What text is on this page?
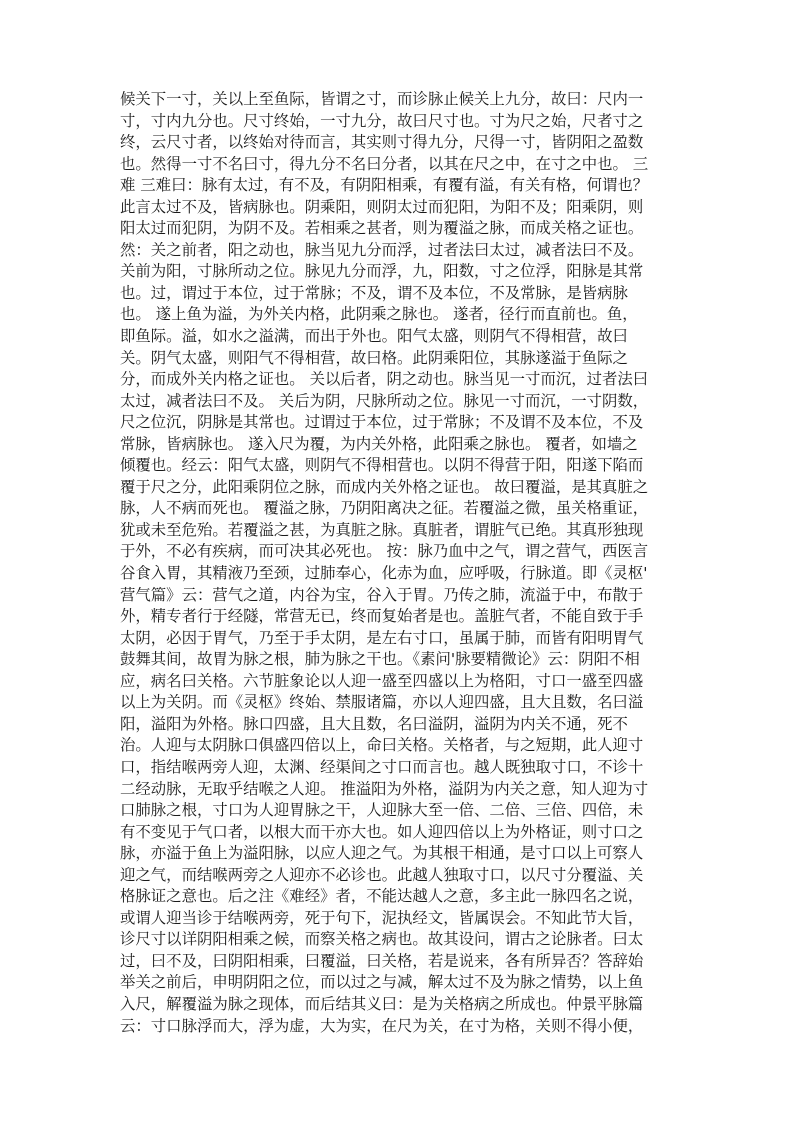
候关下一寸，关以上至鱼际，皆谓之寸，而诊脉止候关上九分，故曰：尺内一
寸，寸内九分也。尺寸终始，一寸九分，故曰尺寸也。寸为尺之始，尺者寸之
终，云尺寸者，以终始对待而言，其实则寸得九分，尺得一寸，皆阴阳之盈数
也。然得一寸不名曰寸，得九分不名曰分者，以其在尺之中，在寸之中也。 三
难 三难曰：脉有太过，有不及，有阴阳相乘，有覆有溢，有关有格，何谓也？
此言太过不及，皆病脉也。阴乘阳，则阴太过而犯阳，为阳不及；阳乘阴，则
阳太过而犯阴，为阴不及。若相乘之甚者，则为覆溢之脉，而成关格之证也。
然：关之前者，阳之动也，脉当见九分而浮，过者法曰太过，减者法曰不及。
关前为阳，寸脉所动之位。脉见九分而浮，九，阳数，寸之位浮，阳脉是其常
也。过，谓过于本位，过于常脉；不及，谓不及本位，不及常脉，是皆病脉
也。 遂上鱼为溢，为外关内格，此阴乘之脉也。 遂者，径行而直前也。鱼，
即鱼际。溢，如水之溢满，而出于外也。阳气太盛，则阴气不得相营，故曰
关。阴气太盛，则阳气不得相营，故曰格。此阴乘阳位，其脉遂溢于鱼际之
分，而成外关内格之证也。 关以后者，阴之动也。脉当见一寸而沉，过者法曰
太过，减者法曰不及。 关后为阴，尺脉所动之位。脉见一寸而沉，一寸阴数，
尺之位沉，阴脉是其常也。过谓过于本位，过于常脉；不及谓不及本位，不及
常脉，皆病脉也。 遂入尺为覆，为内关外格，此阳乘之脉也。 覆者，如墙之
倾覆也。经云：阳气太盛，则阴气不得相营也。以阴不得营于阳，阳遂下陷而
覆于尺之分，此阳乘阴位之脉，而成内关外格之证也。 故曰覆溢，是其真脏之
脉，人不病而死也。 覆溢之脉，乃阴阳离决之征。若覆溢之微，虽关格重证，
犹或未至危殆。若覆溢之甚，为真脏之脉。真脏者，谓脏气已绝。其真形独现
于外，不必有疾病，而可决其必死也。 按：脉乃血中之气，谓之营气，西医言
谷食入胃，其精液乃至颈，过肺奉心，化赤为血，应呼吸，行脉道。即《灵枢'
营气篇》云：营气之道，内谷为宝，谷入于胃。乃传之肺，流溢于中，布散于
外，精专者行于经隧，常营无已，终而复始者是也。盖脏气者，不能自致于手
太阴，必因于胃气，乃至于手太阴，是左右寸口，虽属于肺，而皆有阳明胃气
鼓舞其间，故胃为脉之根，肺为脉之干也。《素问'脉要精微论》云：阴阳不相
应，病名曰关格。六节脏象论以人迎一盛至四盛以上为格阳，寸口一盛至四盛
以上为关阴。而《灵枢》终始、禁服诸篇，亦以人迎四盛，且大且数，名曰溢
阳，溢阳为外格。脉口四盛，且大且数，名曰溢阴，溢阴为内关不通，死不
治。人迎与太阴脉口俱盛四倍以上，命曰关格。关格者，与之短期，此人迎寸
口，指结喉两旁人迎，太渊、经渠间之寸口而言也。越人既独取寸口，不诊十
二经动脉，无取乎结喉之人迎。 推溢阳为外格，溢阴为内关之意，知人迎为寸
口肺脉之根，寸口为人迎胃脉之干，人迎脉大至一倍、二倍、三倍、四倍，未
有不变见于气口者，以根大而干亦大也。如人迎四倍以上为外格证，则寸口之
脉，亦溢于鱼上为溢阳脉，以应人迎之气。为其根干相通，是寸口以上可察人
迎之气，而结喉两旁之人迎亦不必诊也。此越人独取寸口，以尺寸分覆溢、关
格脉证之意也。后之注《难经》者，不能达越人之意，多主此一脉四名之说，
或谓人迎当诊于结喉两旁，死于句下，泥执经文，皆属误会。不知此节大旨，
诊尺寸以详阴阳相乘之候，而察关格之病也。故其设问，谓古之论脉者。曰太
过，曰不及，曰阴阳相乘，曰覆溢，曰关格，若是说来，各有所异否？答辞始
举关之前后，申明阴阳之位，而以过之与减，解太过不及为脉之情势，以上鱼
入尺，解覆溢为脉之现体，而后结其义曰：是为关格病之所成也。仲景平脉篇
云：寸口脉浮而大，浮为虚，大为实，在尺为关，在寸为格，关则不得小便，
